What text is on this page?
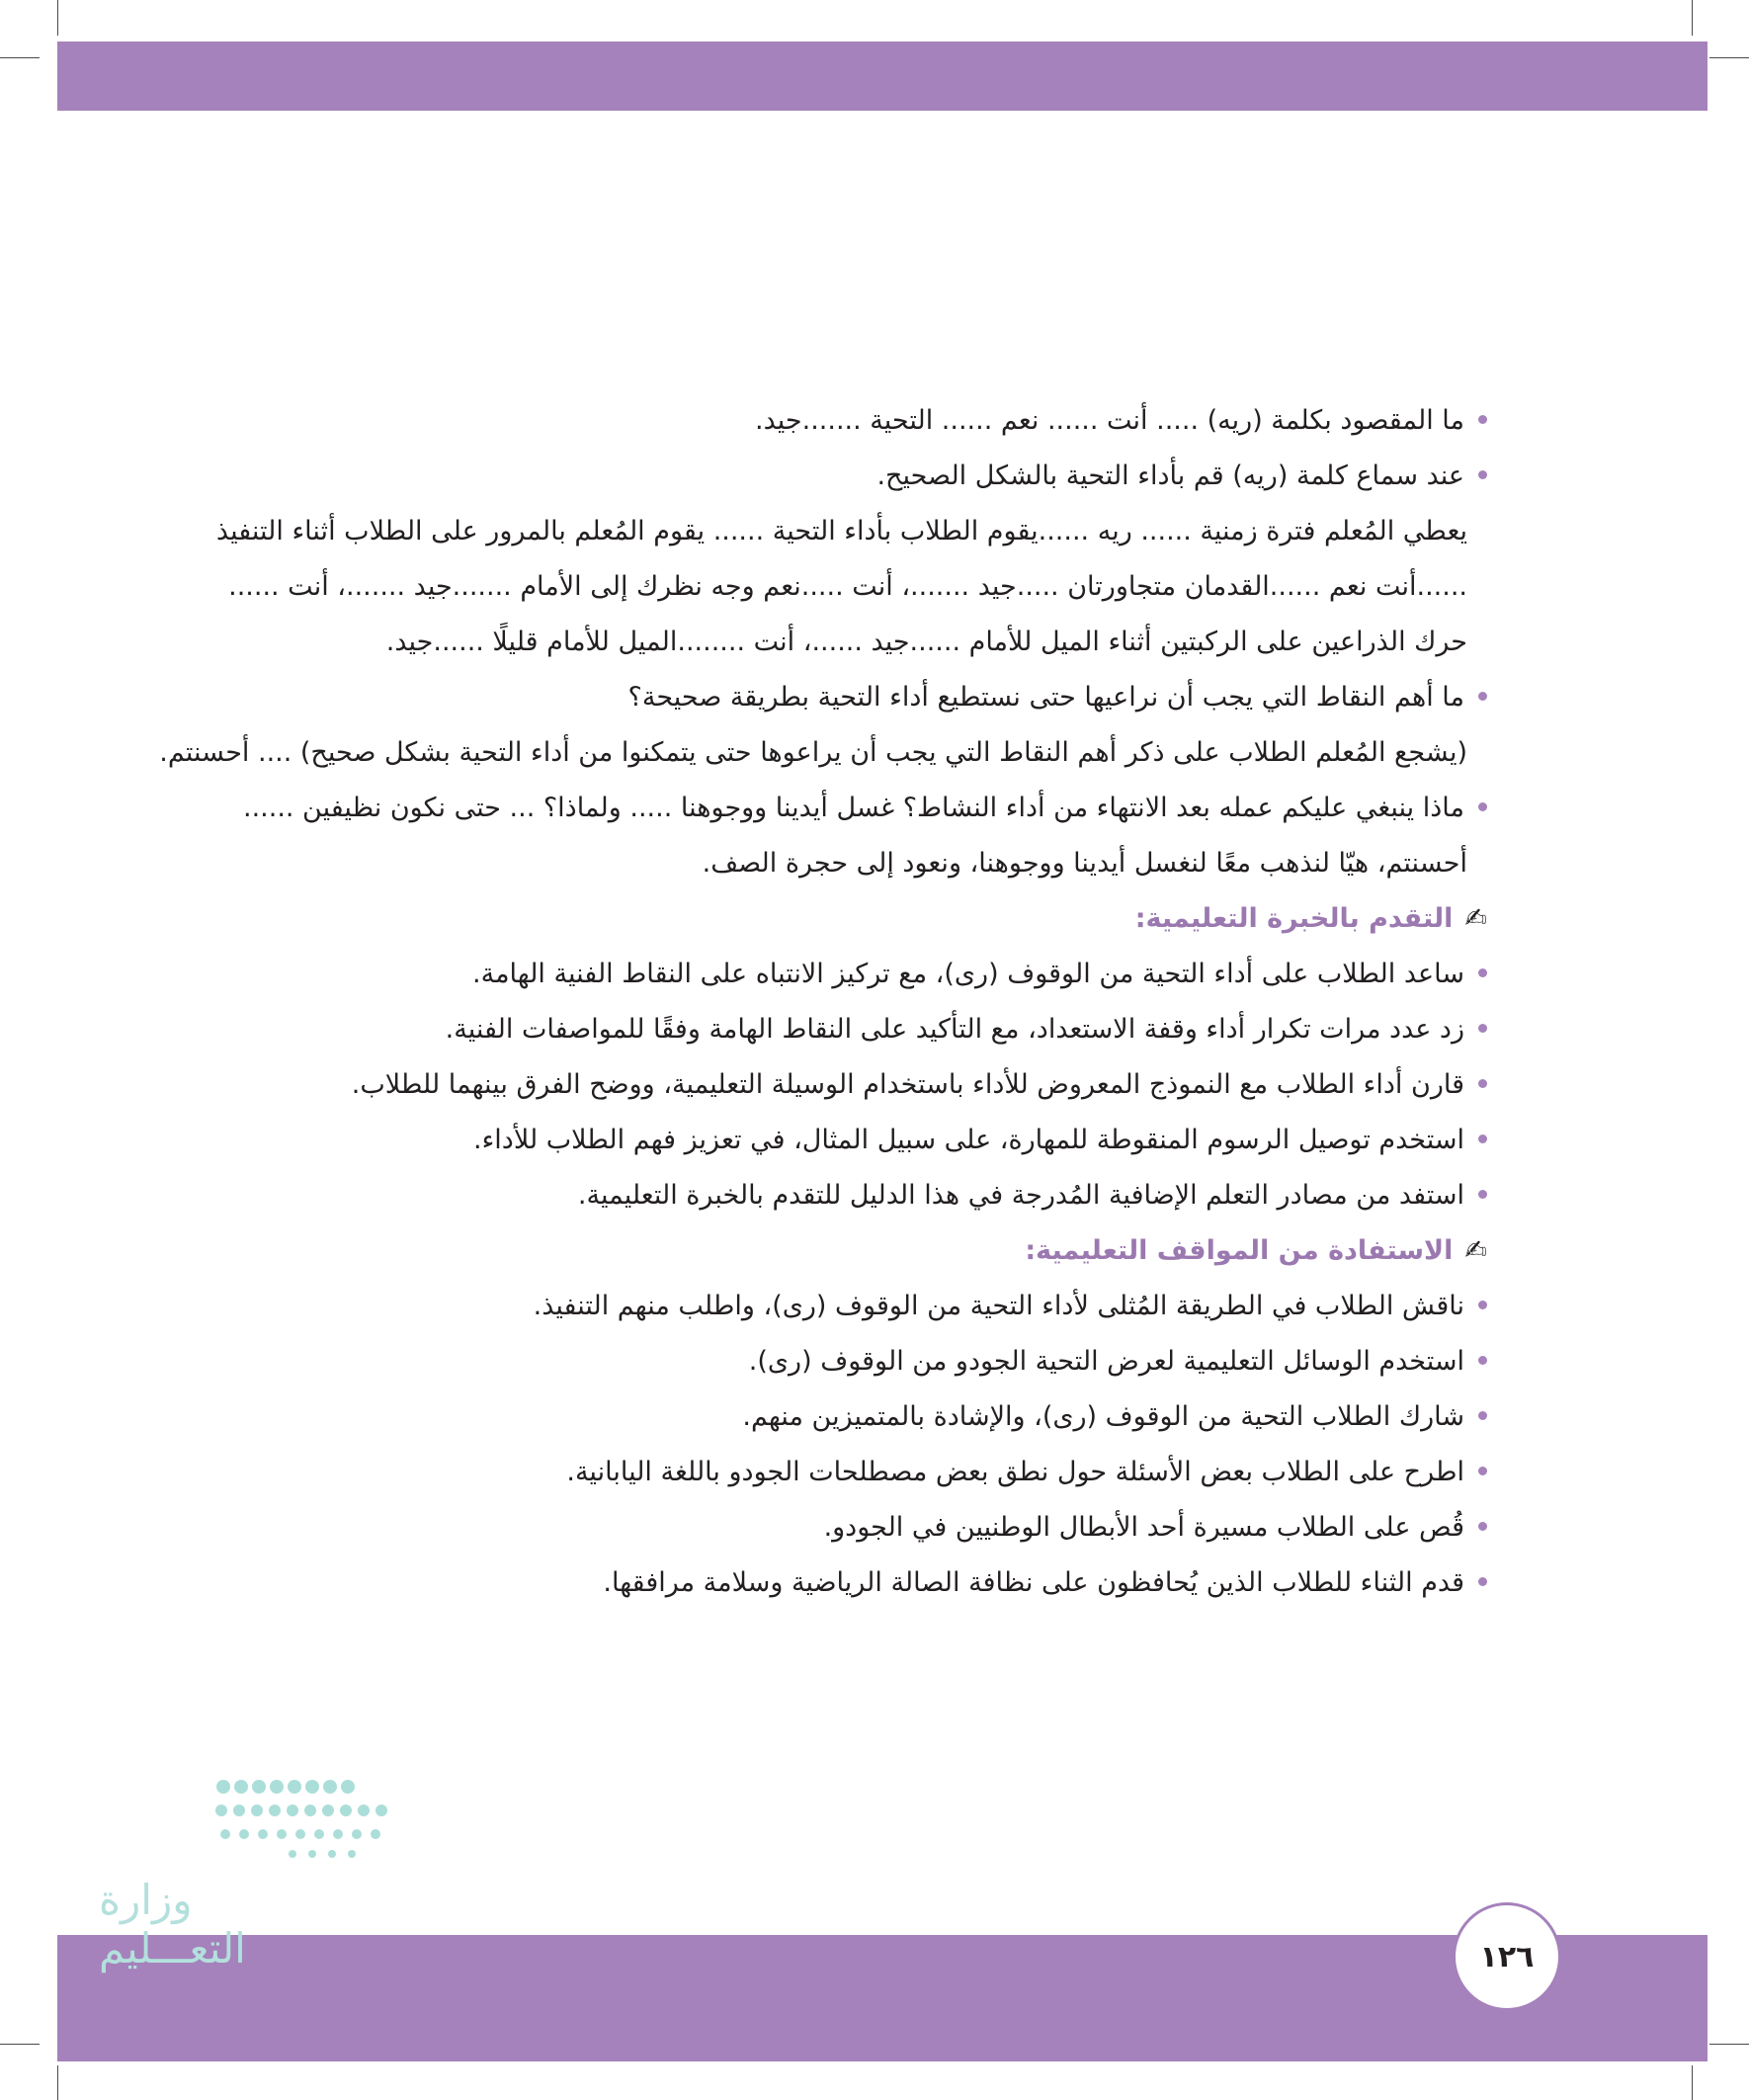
ما المقصود بكلمة (ريه) ..... أنت ...... نعم ...... التحية .......جيد.
عند سماع كلمة (ريه) قم بأداء التحية بالشكل الصحيح.
يعطي المُعلم فترة زمنية ...... ريه ......يقوم الطلاب بأداء التحية ...... يقوم المُعلم بالمرور على الطلاب أثناء التنفيذ
......أنت نعم ......القدمان متجاورتان .....جيد .......، أنت .....نعم وجه نظرك إلى الأمام .......جيد .......، أنت ......
حرك الذراعين على الركبتين أثناء الميل للأمام ......جيد ......، أنت ........الميل للأمام قليلًا ......جيد.
ما أهم النقاط التي يجب أن نراعيها حتى نستطيع أداء التحية بطريقة صحيحة؟
(يشجع المُعلم الطلاب على ذكر أهم النقاط التي يجب أن يراعوها حتى يتمكنوا من أداء التحية بشكل صحيح) .... أحسنتم.
ماذا ينبغي عليكم عمله بعد الانتهاء من أداء النشاط؟ غسل أيدينا ووجوهنا ..... ولماذا؟ ... حتى نكون نظيفين ......
أحسنتم، هيّا لنذهب معًا لنغسل أيدينا ووجوهنا، ونعود إلى حجرة الصف.
✍التقدم بالخبرة التعليمية:
ساعد الطلاب على أداء التحية من الوقوف (رى)، مع تركيز الانتباه على النقاط الفنية الهامة.
زد عدد مرات تكرار أداء وقفة الاستعداد، مع التأكيد على النقاط الهامة وفقًا للمواصفات الفنية.
قارن أداء الطلاب مع النموذج المعروض للأداء باستخدام الوسيلة التعليمية، ووضح الفرق بينهما للطلاب.
استخدم توصيل الرسوم المنقوطة للمهارة، على سبيل المثال، في تعزيز فهم الطلاب للأداء.
استفد من مصادر التعلم الإضافية المُدرجة في هذا الدليل للتقدم بالخبرة التعليمية.
✍الاستفادة من المواقف التعليمية:
ناقش الطلاب في الطريقة المُثلى لأداء التحية من الوقوف (رى)، واطلب منهم التنفيذ.
استخدم الوسائل التعليمية لعرض التحية الجودو من الوقوف (رى).
شارك الطلاب التحية من الوقوف (رى)، والإشادة بالمتميزين منهم.
اطرح على الطلاب بعض الأسئلة حول نطق بعض مصطلحات الجودو باللغة اليابانية.
قُص على الطلاب مسيرة أحد الأبطال الوطنيين في الجودو.
قدم الثناء للطلاب الذين يُحافظون على نظافة الصالة الرياضية وسلامة مرافقها.
وزارة التعـــليم	١٢٦
